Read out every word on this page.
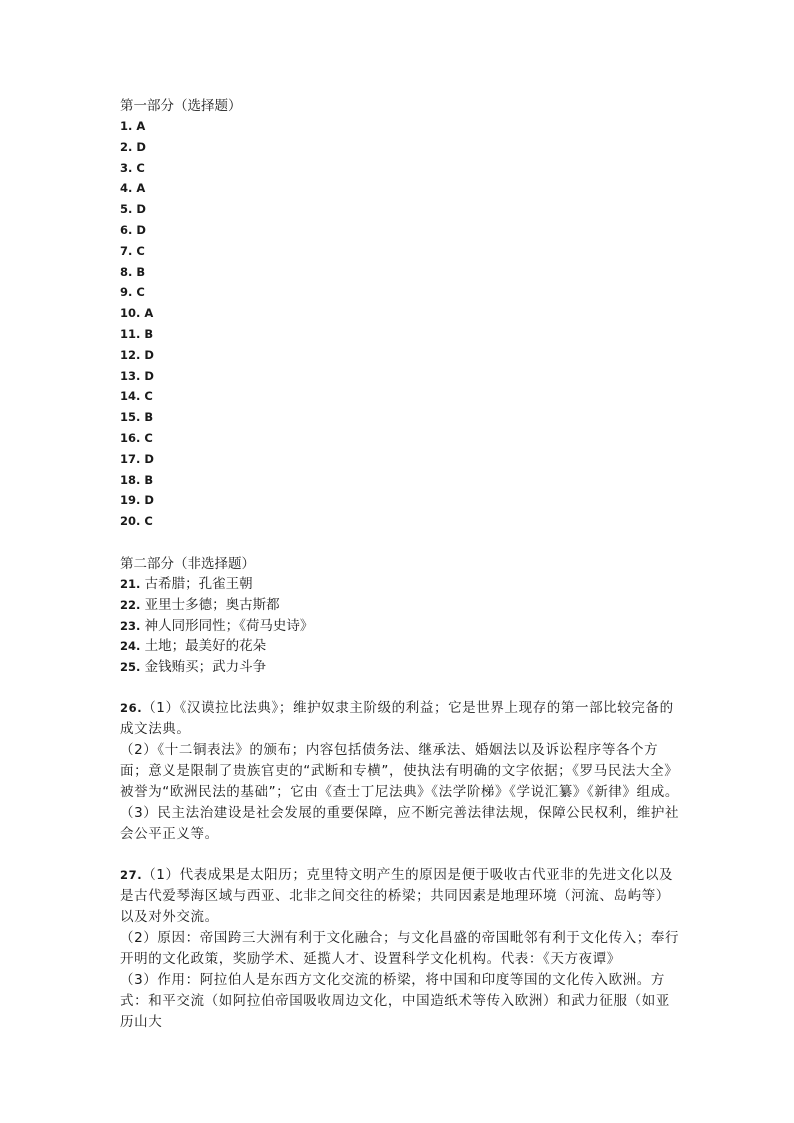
第一部分（选择题）
1. A
2. D
3. C
4. A
5. D
6. D
7. C
8. B
9. C
10. A
11. B
12. D
13. D
14. C
15. B
16. C
17. D
18. B
19. D
20. C
第二部分（非选择题）
21. 古希腊；孔雀王朝
22. 亚里士多德；奥古斯都
23. 神人同形同性；《荷马史诗》
24. 土地；最美好的花朵
25. 金钱贿买；武力斗争

26.（1）《汉谟拉比法典》；维护奴隶主阶级的利益；它是世界上现存的第一部比较完备的成文法典。

（2）《十二铜表法》的颁布；内容包括债务法、继承法、婚姻法以及诉讼程序等各个方面；意义是限制了贵族官吏的“武断和专横”，使执法有明确的文字依据；《罗马民法大全》被誉为“欧洲民法的基础”；它由《查士丁尼法典》《法学阶梯》《学说汇纂》《新律》组成。

（3）民主法治建设是社会发展的重要保障，应不断完善法律法规，保障公民权利，维护社会公平正义等。

27.（1）代表成果是太阳历；克里特文明产生的原因是便于吸收古代亚非的先进文化以及是古代爱琴海区域与西亚、北非之间交往的桥梁；共同因素是地理环境（河流、岛屿等）以及对外交流。

（2）原因：帝国跨三大洲有利于文化融合；与文化昌盛的帝国毗邻有利于文化传入；奉行开明的文化政策，奖励学术、延揽人才、设置科学文化机构。代表：《天方夜谭》

（3）作用：阿拉伯人是东西方文化交流的桥梁，将中国和印度等国的文化传入欧洲。方式：和平交流（如阿拉伯帝国吸收周边文化，中国造纸术等传入欧洲）和武力征服（如亚历山大
